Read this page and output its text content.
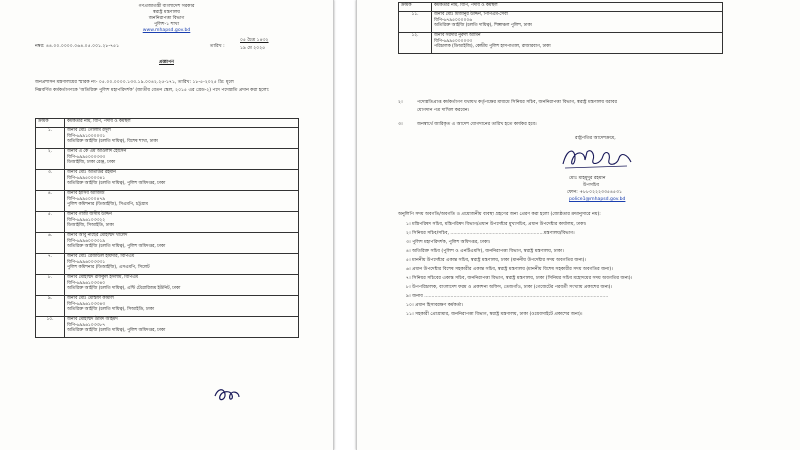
গণপ্রজাতন্ত্রী বাংলাদেশ সরকার
স্বরাষ্ট্র মন্ত্রণালয়
জননিরাপত্তা বিভাগ
পুলিশ-১ শাখা
www.mhapsd.gov.bd
তারিখ :
০৫ চৈত্র ১৪৩২
১৯ মে ২০২৫
নম্বর: ৪৪.০০.০০০০.০৬৪.০৫.০০১.২৮-৭৫১
প্রজ্ঞাপন
জনপ্রশাসন মন্ত্রণালয়ের স্মারক নং- ০৫.০০.০০০০.১৩৩.১৯.০০৪২.২৫-১৭১, তারিখ: ১৮-৫-২০২৫ খ্রি: মূলে
নিম্নবর্ণিত কর্মকর্তাগণকে 'অতিরিক্ত পুলিশ মহাপরিদর্শক' (জাতীয় বেতন স্কেল, ২০১৫ এর গ্রেড-২) পদে পদোন্নতি প্রদান করা হলো:
ক্রমিক	কর্মকর্তার নাম, বিপি, পদবি ও কর্মস্থল
১.	জনাব মোঃ গোলাম রসুল
বিপি-৬৯৯১০০০০৩১
অতিরিক্ত আইজি (চলতি দায়িত্ব), বিশেষ শাখা, ঢাকা

২.	জনাব এ কে এম আওলাদ হোসেন
বিপি-৬৯৯৫০০০৩৩৩
ডিআইজি, ঢাকা রেঞ্জ, ঢাকা

৩.	জনাব মোঃ আতাউর রহমান
বিপি-৬৯৯৫০০০৩৪১
অতিরিক্ত আইজি (চলতি দায়িত্ব), পুলিশ অধিদপ্তর, ঢাকা

৪.	জনাব হাসিব আজিজ
বিপি-৬৯৯৫০০০৪৭৯
পুলিশ কমিশনার (ডিআইজি), সিএমপি, চট্টগ্রাম

৫.	জনাব গাজী জসীম উদ্দিন
বিপি-৬৯৯৬১০৩৩২২
ডিআইজি, সিআইডি, ঢাকা

৬.	জনাব আবু নাছের মোহাম্মদ খালেদ
বিপি-৬৯৯৬০০৩৩১৯
অতিরিক্ত আইজি (চলতি দায়িত্ব), পুলিশ অধিদপ্তর, ঢাকা

৭.	জনাব মোঃ রেজাউল হায়দার, বিপিএম
বিপি-৬৯৯৬০০৩৩৩১
পুলিশ কমিশনার (ডিআইজি), এসএমপি, সিলেট

৮.	জনাব মোহাম্মদ রফিকুল ইসলাম, বিপিএম
বিপি-৬৯৯৬১০৩৩৪০
অতিরিক্ত আইজি (চলতি দায়িত্ব), এন্টি টেরোরিজম ইউনিট, ঢাকা

৯.	জনাব মোঃ মোস্তফা কামাল
বিপি-৬৯৯৬১০৩৩৪৩
অতিরিক্ত আইজি (চলতি দায়িত্ব), সিআইডি, ঢাকা

১০.	জনাব মোহাম্মদ উমিদ আহমদ
বিপি-৬৯৯৬১০৩৩৮৭
অতিরিক্ত আইজি (চলতি দায়িত্ব), পুলিশ অধিদপ্তর, ঢাকা
ক্রমিক	কর্মকর্তার নাম, বিপি, পদবি ও কর্মস্থল
১১.	জনাব মোঃ মিজানুর উদ্দিন, পিপিএম-সেবা
বিপি-৬৭৯৫০০০০০৬
অতিরিক্ত আইজি (চলতি দায়িত্ব), শিল্পাঞ্চল পুলিশ, ঢাকা

১২.	জনাব সরদার নুরুল আমিন
বিপি-৬৯৯৫০০০০৩৩
পরিচালক (ডিআইজি), কেন্দ্রীয় পুলিশ হাসপাতাল, রাজারবাগ, ঢাকা
২।	পদোন্নতিপ্রাপ্ত কর্মকর্তাগণ যথাযথ কর্তৃপক্ষের মাধ্যমে সিনিয়র সচিব, জননিরাপত্তা বিভাগ, স্বরাষ্ট্র মন্ত্রণালয় বরাবর
যোগদান পত্র দাখিল করবেন।
৩।	জনস্বার্থে জারিকৃত এ আদেশ যোগদানের তারিখ হতে কার্যকর হবে।
রাষ্ট্রপতির আদেশক্রমে,
মোঃ মাহমুদুর রহমান
উপসচিব
ফোন: +৮৮০২২২৩৩৫৪৫৩১
police1@mhapsd.gov.bd
অনুলিপি সদয় অবগতি/অবগতি ও প্রয়োজনীয় ব্যবস্থা গ্রহণের জন্য প্রেরণ করা হলো (জ্যেষ্ঠতার ক্রমানুসারে নয়):
১। মন্ত্রিপরিষদ সচিব, মন্ত্রিপরিষদ বিভাগ/প্রধান উপদেষ্টার মুখ্যসচিব, প্রধান উপদেষ্টার কার্যালয়, ঢাকা।
২। সিনিয়র সচিব/সচিব, ................................................................মন্ত্রণালয়/বিভাগ।
৩। পুলিশ মহাপরিদর্শক, পুলিশ অধিদপ্তর, ঢাকা।
৪। অতিরিক্ত সচিব (পুলিশ ও এনটিএমসি), জননিরাপত্তা বিভাগ, স্বরাষ্ট্র মন্ত্রণালয়, ঢাকা।
৫। মাননীয় উপদেষ্টার একান্ত সচিব, স্বরাষ্ট্র মন্ত্রণালয়, ঢাকা (মাননীয় উপদেষ্টার সদয় অবগতির জন্য)।
৬। প্রধান উপদেষ্টার বিশেষ সহকারীর একান্ত সচিব, স্বরাষ্ট্র মন্ত্রণালয় (মাননীয় বিশেষ সহকারীর সদয় অবগতির জন্য)।
৭। সিনিয়র সচিবের একান্ত সচিব, জননিরাপত্তা বিভাগ, স্বরাষ্ট্র মন্ত্রণালয়, ঢাকা (সিনিয়র সচিব মহোদয়ের সদয় অবগতির জন্য)।
৮। উপপরিচালক, বাংলাদেশ ফরম ও প্রকাশনা অফিস, তেজগাঁও, ঢাকা (গেজেটের পরবর্তী সংখ্যায় প্রকাশের জন্য)।
৯। জনাব ..............................................................................................................................
১০। প্রধান হিসাবরক্ষণ কর্মকর্তা।
১১। সহকারী প্রোগ্রামার, জননিরাপত্তা বিভাগ, স্বরাষ্ট্র মন্ত্রণালয়, ঢাকা (ওয়েবসাইটে প্রকাশের জন্য)।
